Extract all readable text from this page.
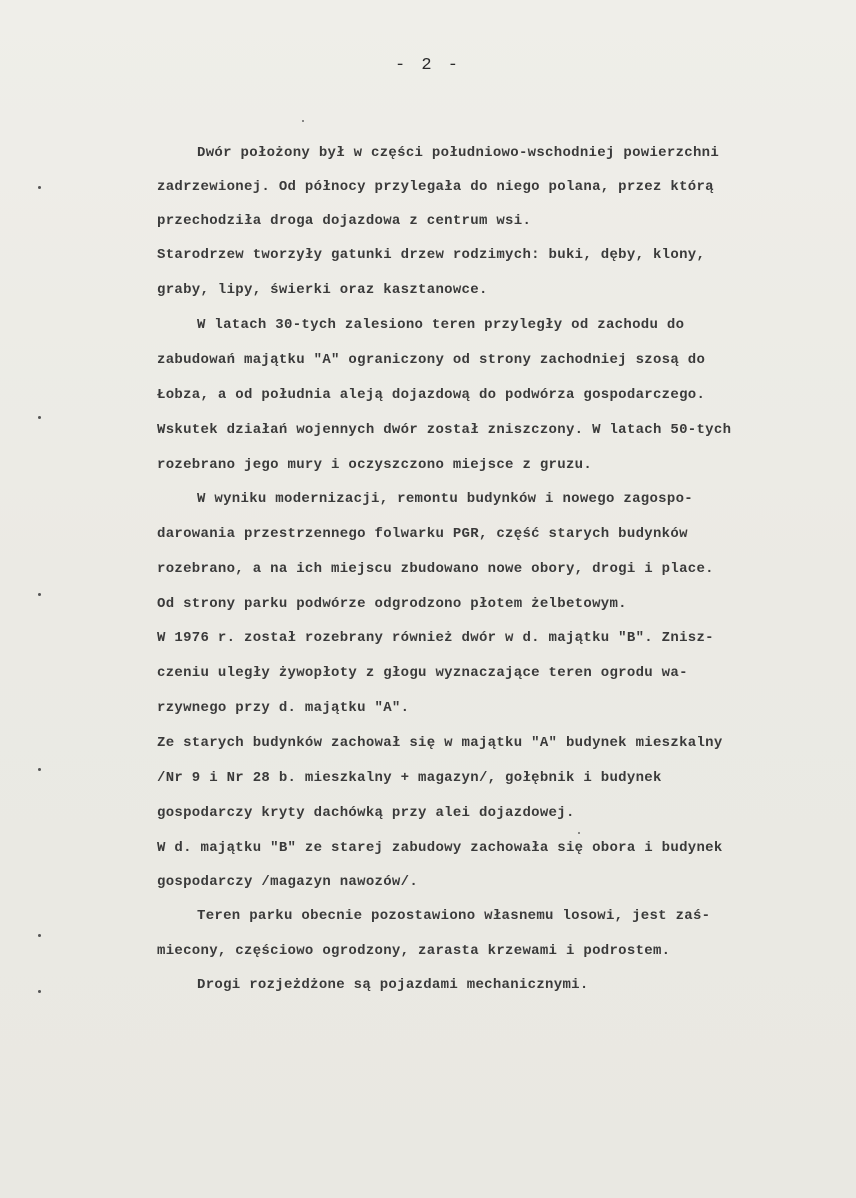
- 2 -
Dwór położony był w części południowo-wschodniej powierzchni
zadrzewionej. Od północy przylegała do niego polana, przez którą
przechodziła droga dojazdowa z centrum wsi.
Starodrzew tworzyły gatunki drzew rodzimych: buki, dęby, klony,
graby, lipy, świerki oraz kasztanowce.
W latach 30-tych zalesiono teren przyległy od zachodu do
zabudowań majątku "A" ograniczony od strony zachodniej szosą do
Łobza, a od południa aleją dojazdową do podwórza gospodarczego.
Wskutek działań wojennych dwór został zniszczony. W latach 50-tych
rozebrano jego mury i oczyszczono miejsce z gruzu.
W wyniku modernizacji, remontu budynków i nowego zagospo-
darowania przestrzennego folwarku PGR, część starych budynków
rozebrano, a na ich miejscu zbudowano nowe obory, drogi i place.
Od strony parku podwórze odgrodzono płotem żelbetowym.
W 1976 r. został rozebrany również dwór w d. majątku "B". Znisz-
czeniu uległy żywopłoty z głogu wyznaczające teren ogrodu wa-
rzywnego przy d. majątku "A".
Ze starych budynków zachował się w majątku "A" budynek mieszkalny
/Nr 9 i Nr 28 b. mieszkalny + magazyn/, gołębnik i budynek
gospodarczy kryty dachówką przy alei dojazdowej.
W d. majątku "B" ze starej zabudowy zachowała się obora i budynek
gospodarczy /magazyn nawozów/.
Teren parku obecnie pozostawiono własnemu losowi, jest zaś-
miecony, częściowo ogrodzony, zarasta krzewami i podrostem.
Drogi rozjeżdżone są pojazdami mechanicznymi.
